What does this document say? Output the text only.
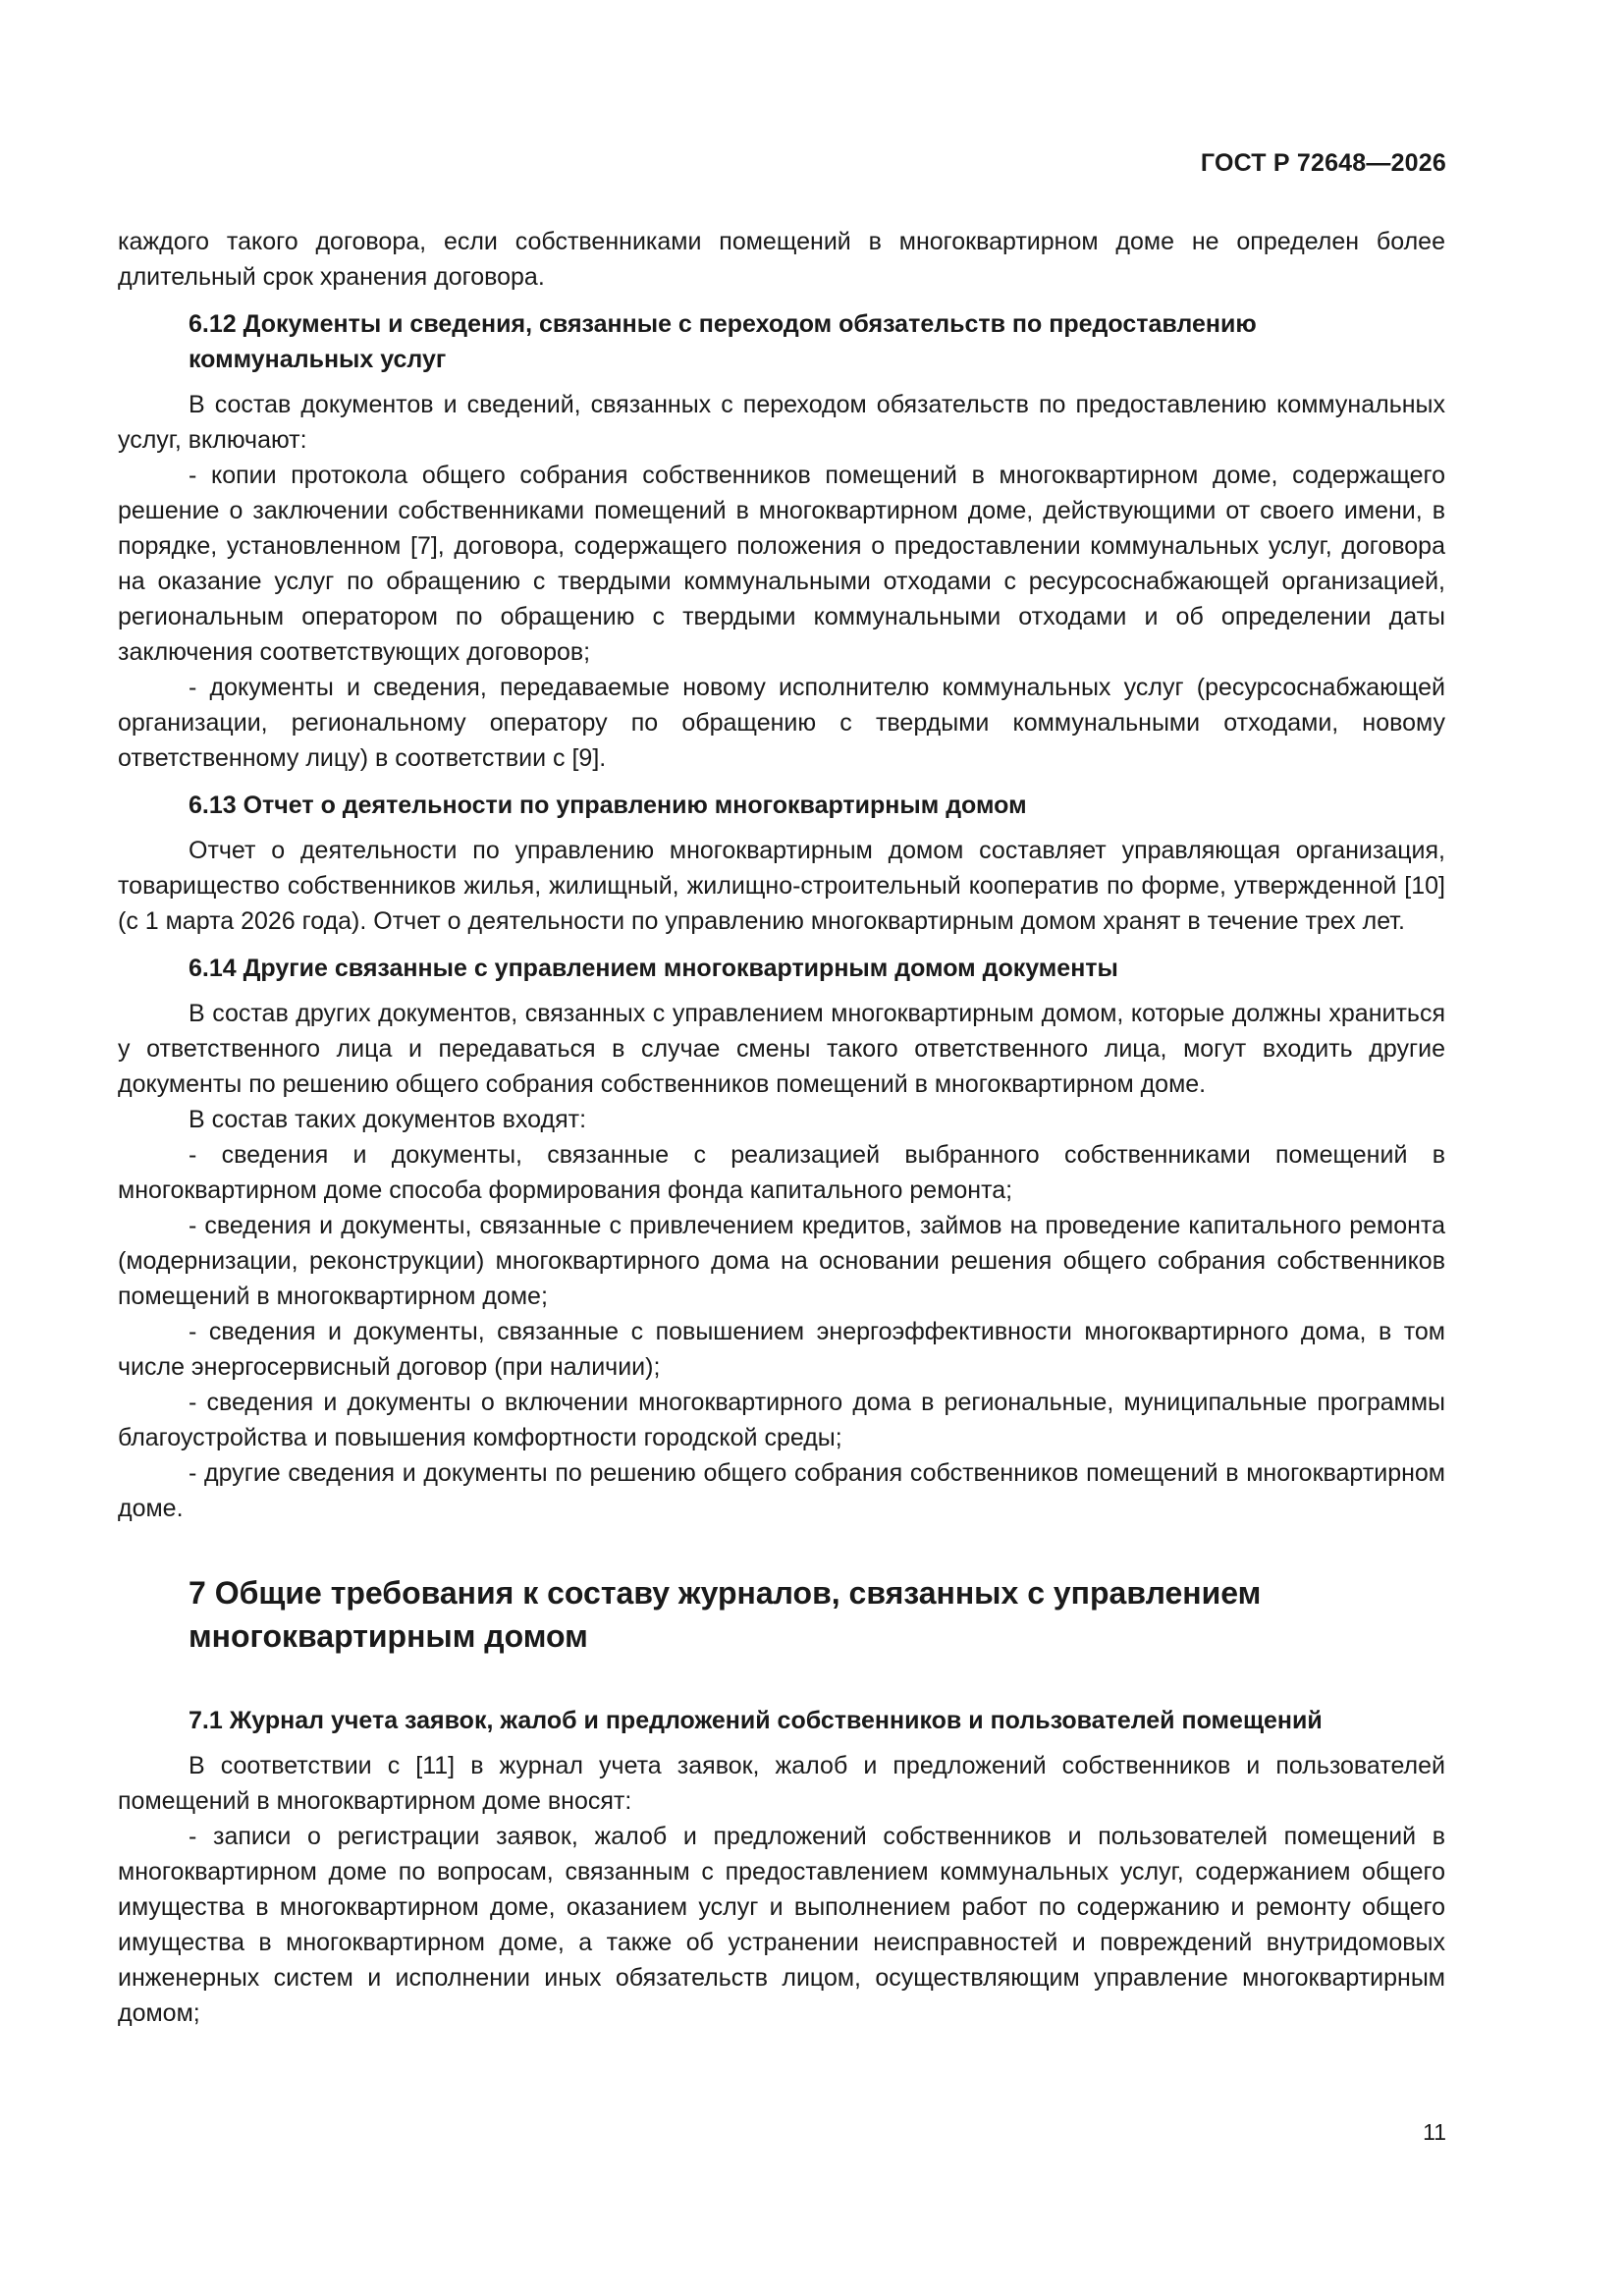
ГОСТ Р 72648—2026

каждого такого договора, если собственниками помещений в многоквартирном доме не определен более длительный срок хранения договора.

6.12 Документы и сведения, связанные с переходом обязательств по предоставлению коммунальных услуг

В состав документов и сведений, связанных с переходом обязательств по предоставлению коммунальных услуг, включают:

- копии протокола общего собрания собственников помещений в многоквартирном доме, содержащего решение о заключении собственниками помещений в многоквартирном доме, действующими от своего имени, в порядке, установленном [7], договора, содержащего положения о предоставлении коммунальных услуг, договора на оказание услуг по обращению с твердыми коммунальными отходами с ресурсоснабжающей организацией, региональным оператором по обращению с твердыми коммунальными отходами и об определении даты заключения соответствующих договоров;

- документы и сведения, передаваемые новому исполнителю коммунальных услуг (ресурсоснабжающей организации, региональному оператору по обращению с твердыми коммунальными отходами, новому ответственному лицу) в соответствии с [9].

6.13 Отчет о деятельности по управлению многоквартирным домом

Отчет о деятельности по управлению многоквартирным домом составляет управляющая организация, товарищество собственников жилья, жилищный, жилищно-строительный кооператив по форме, утвержденной [10] (с 1 марта 2026 года). Отчет о деятельности по управлению многоквартирным домом хранят в течение трех лет.

6.14 Другие связанные с управлением многоквартирным домом документы

В состав других документов, связанных с управлением многоквартирным домом, которые должны храниться у ответственного лица и передаваться в случае смены такого ответственного лица, могут входить другие документы по решению общего собрания собственников помещений в многоквартирном доме.

В состав таких документов входят:

- сведения и документы, связанные с реализацией выбранного собственниками помещений в многоквартирном доме способа формирования фонда капитального ремонта;

- сведения и документы, связанные с привлечением кредитов, займов на проведение капитального ремонта (модернизации, реконструкции) многоквартирного дома на основании решения общего собрания собственников помещений в многоквартирном доме;

- сведения и документы, связанные с повышением энергоэффективности многоквартирного дома, в том числе энергосервисный договор (при наличии);

- сведения и документы о включении многоквартирного дома в региональные, муниципальные программы благоустройства и повышения комфортности городской среды;

- другие сведения и документы по решению общего собрания собственников помещений в многоквартирном доме.

7 Общие требования к составу журналов, связанных с управлением многоквартирным домом
7.1 Журнал учета заявок, жалоб и предложений собственников и пользователей помещений

В соответствии с [11] в журнал учета заявок, жалоб и предложений собственников и пользователей помещений в многоквартирном доме вносят:

- записи о регистрации заявок, жалоб и предложений собственников и пользователей помещений в многоквартирном доме по вопросам, связанным с предоставлением коммунальных услуг, содержанием общего имущества в многоквартирном доме, оказанием услуг и выполнением работ по содержанию и ремонту общего имущества в многоквартирном доме, а также об устранении неисправностей и повреждений внутридомовых инженерных систем и исполнении иных обязательств лицом, осуществляющим управление многоквартирным домом;

11
